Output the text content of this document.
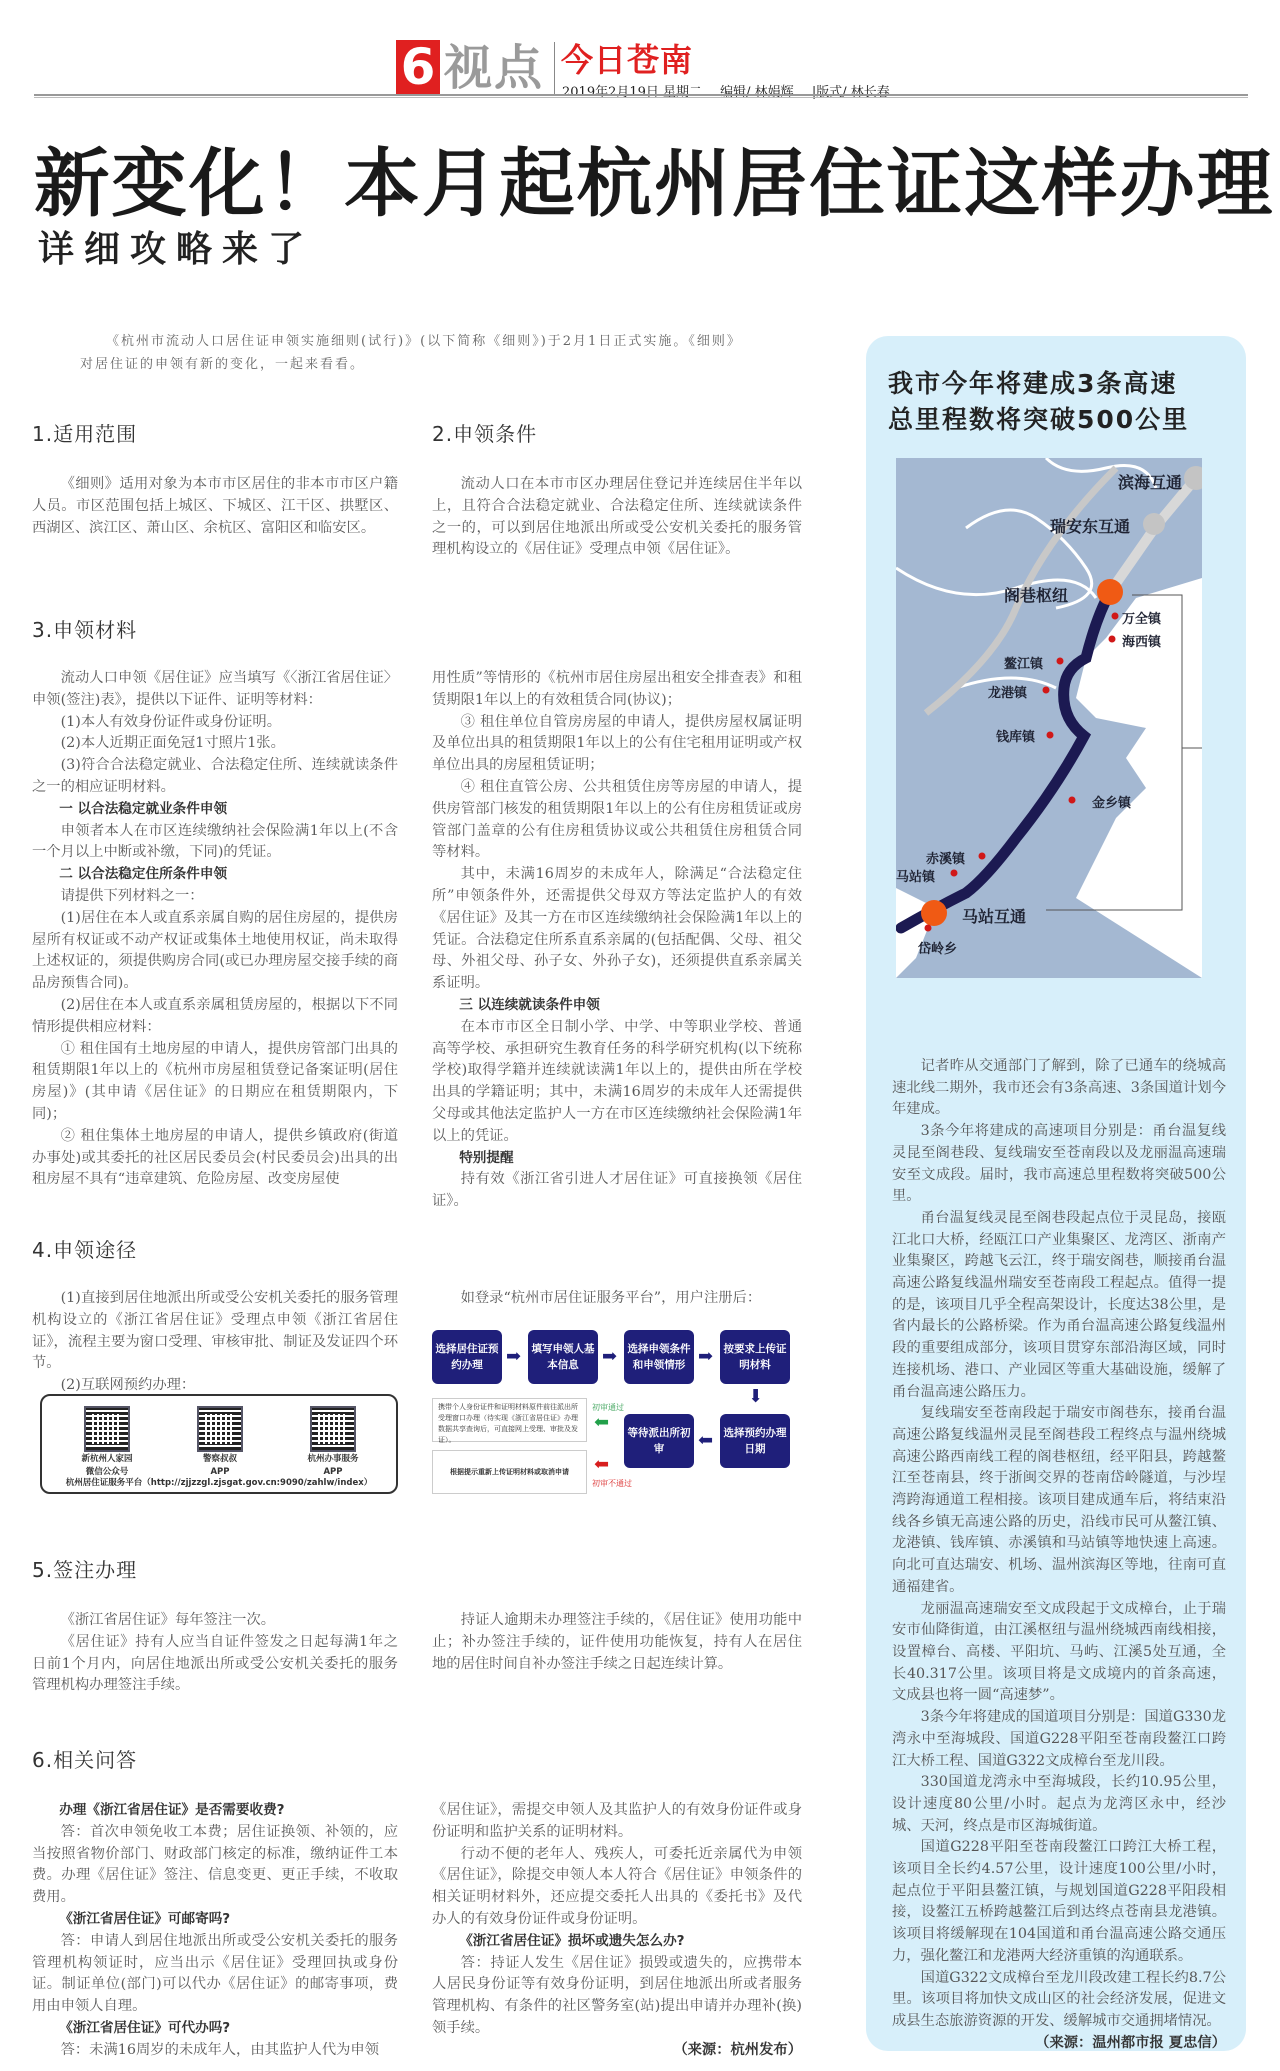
6 视点 今日苍南
2019年2月19日 星期二 编辑/ 林娟辉 |版式/ 林长春
新变化！本月起杭州居住证这样办理
详细攻略来了

《杭州市流动人口居住证申领实施细则(试行)》(以下简称《细则》)于2月1日正式实施。《细则》对居住证的申领有新的变化，一起来看看。

1.适用范围

《细则》适用对象为本市市区居住的非本市市区户籍人员。市区范围包括上城区、下城区、江干区、拱墅区、西湖区、滨江区、萧山区、余杭区、富阳区和临安区。

2.申领条件

流动人口在本市市区办理居住登记并连续居住半年以上，且符合合法稳定就业、合法稳定住所、连续就读条件之一的，可以到居住地派出所或受公安机关委托的服务管理机构设立的《居住证》受理点申领《居住证》。

3.申领材料

流动人口申领《居住证》应当填写《〈浙江省居住证〉申领(签注)表》，提供以下证件、证明等材料：

(1)本人有效身份证件或身份证明。

(2)本人近期正面免冠1寸照片1张。

(3)符合合法稳定就业、合法稳定住所、连续就读条件之一的相应证明材料。

一 以合法稳定就业条件申领

申领者本人在市区连续缴纳社会保险满1年以上(不含一个月以上中断或补缴，下同)的凭证。

二 以合法稳定住所条件申领

请提供下列材料之一：

(1)居住在本人或直系亲属自购的居住房屋的，提供房屋所有权证或不动产权证或集体土地使用权证，尚未取得上述权证的，须提供购房合同(或已办理房屋交接手续的商品房预售合同)。

(2)居住在本人或直系亲属租赁房屋的，根据以下不同情形提供相应材料：

① 租住国有土地房屋的申请人，提供房管部门出具的租赁期限1年以上的《杭州市房屋租赁登记备案证明(居住房屋)》(其申请《居住证》的日期应在租赁期限内，下同)；

② 租住集体土地房屋的申请人，提供乡镇政府(街道办事处)或其委托的社区居民委员会(村民委员会)出具的出租房屋不具有“违章建筑、危险房屋、改变房屋使

用性质”等情形的《杭州市居住房屋出租安全排查表》和租赁期限1年以上的有效租赁合同(协议)；

③ 租住单位自管房房屋的申请人，提供房屋权属证明及单位出具的租赁期限1年以上的公有住宅租用证明或产权单位出具的房屋租赁证明；

④ 租住直管公房、公共租赁住房等房屋的申请人，提供房管部门核发的租赁期限1年以上的公有住房租赁证或房管部门盖章的公有住房租赁协议或公共租赁住房租赁合同等材料。

其中，未满16周岁的未成年人，除满足“合法稳定住所”申领条件外，还需提供父母双方等法定监护人的有效《居住证》及其一方在市区连续缴纳社会保险满1年以上的凭证。合法稳定住所系直系亲属的(包括配偶、父母、祖父母、外祖父母、孙子女、外孙子女)，还须提供直系亲属关系证明。

三 以连续就读条件申领

在本市市区全日制小学、中学、中等职业学校、普通高等学校、承担研究生教育任务的科学研究机构(以下统称学校)取得学籍并连续就读满1年以上的，提供由所在学校出具的学籍证明；其中，未满16周岁的未成年人还需提供父母或其他法定监护人一方在市区连续缴纳社会保险满1年以上的凭证。

特别提醒

持有效《浙江省引进人才居住证》可直接换领《居住证》。

4.申领途径

(1)直接到居住地派出所或受公安机关委托的服务管理机构设立的《浙江省居住证》受理点申领《浙江省居住证》，流程主要为窗口受理、审核审批、制证及发证四个环节。

(2)互联网预约办理：

新杭州人家园
微信公众号
警察叔叔
APP
杭州办事服务
APP
杭州居住证服务平台（http://zjjzzgl.zjsgat.gov.cn:9090/zahlw/index）

如登录“杭州市居住证服务平台”，用户注册后：

选择居住证预约办理	➡ 填写申领人基本信息	➡ 选择申领条件和申领情形 ➡ 按要求上传证明材料
⬇
选择预约办理日期
⬅
等待派出所初审
携带个人身份证件和证明材料原件前往派出所受理窗口办理（待实现《浙江省居住证》办理数据共享查询后，可直接网上受理、审批及发证）。
初审通过
⬅
根据提示重新上传证明材料或取消申请	⬅
初审不通过
5.签注办理

《浙江省居住证》每年签注一次。

《居住证》持有人应当自证件签发之日起每满1年之日前1个月内，向居住地派出所或受公安机关委托的服务管理机构办理签注手续。

持证人逾期未办理签注手续的，《居住证》使用功能中止；补办签注手续的，证件使用功能恢复，持有人在居住地的居住时间自补办签注手续之日起连续计算。

6.相关问答

办理《浙江省居住证》是否需要收费?

答：首次申领免收工本费；居住证换领、补领的，应当按照省物价部门、财政部门核定的标准，缴纳证件工本费。办理《居住证》签注、信息变更、更正手续，不收取费用。

《浙江省居住证》可邮寄吗?

答：申请人到居住地派出所或受公安机关委托的服务管理机构领证时，应当出示《居住证》受理回执或身份证。制证单位(部门)可以代办《居住证》的邮寄事项，费用由申领人自理。

《浙江省居住证》可代办吗?

答：未满16周岁的未成年人，由其监护人代为申领

《居住证》，需提交申领人及其监护人的有效身份证件或身份证明和监护关系的证明材料。

行动不便的老年人、残疾人，可委托近亲属代为申领《居住证》，除提交申领人本人符合《居住证》申领条件的相关证明材料外，还应提交委托人出具的《委托书》及代办人的有效身份证件或身份证明。

《浙江省居住证》损坏或遗失怎么办?

答：持证人发生《居住证》损毁或遗失的，应携带本人居民身份证等有效身份证明，到居住地派出所或者服务管理机构、有条件的社区警务室(站)提出申请并办理补(换)领手续。

（来源：杭州发布）

我市今年将建成3条高速
总里程数将突破500公里
滨海互通
瑞安东互通
阁巷枢纽
万全镇
海西镇
鳌江镇
龙港镇
钱库镇
金乡镇
赤溪镇
马站镇
马站互通
岱岭乡

记者昨从交通部门了解到，除了已通车的绕城高速北线二期外，我市还会有3条高速、3条国道计划今年建成。

3条今年将建成的高速项目分别是：甬台温复线灵昆至阁巷段、复线瑞安至苍南段以及龙丽温高速瑞安至文成段。届时，我市高速总里程数将突破500公里。

甬台温复线灵昆至阁巷段起点位于灵昆岛，接瓯江北口大桥，经瓯江口产业集聚区、龙湾区、浙南产业集聚区，跨越飞云江，终于瑞安阁巷，顺接甬台温高速公路复线温州瑞安至苍南段工程起点。值得一提的是，该项目几乎全程高架设计，长度达38公里，是省内最长的公路桥梁。作为甬台温高速公路复线温州段的重要组成部分，该项目贯穿东部沿海区域，同时连接机场、港口、产业园区等重大基础设施，缓解了甬台温高速公路压力。

复线瑞安至苍南段起于瑞安市阁巷东，接甬台温高速公路复线温州灵昆至阁巷段工程终点与温州绕城高速公路西南线工程的阁巷枢纽，经平阳县，跨越鳌江至苍南县，终于浙闽交界的苍南岱岭隧道，与沙埕湾跨海通道工程相接。该项目建成通车后，将结束沿线各乡镇无高速公路的历史，沿线市民可从鳌江镇、龙港镇、钱库镇、赤溪镇和马站镇等地快速上高速。向北可直达瑞安、机场、温州滨海区等地，往南可直通福建省。

龙丽温高速瑞安至文成段起于文成樟台，止于瑞安市仙降街道，由江溪枢纽与温州绕城西南线相接，设置樟台、高楼、平阳坑、马屿、江溪5处互通，全长40.317公里。该项目将是文成境内的首条高速，文成县也将一圆“高速梦”。

3条今年将建成的国道项目分别是：国道G330龙湾永中至海城段、国道G228平阳至苍南段鳌江口跨江大桥工程、国道G322文成樟台至龙川段。

330国道龙湾永中至海城段，长约10.95公里，设计速度80公里/小时。起点为龙湾区永中，经沙城、天河，终点是市区海城街道。

国道G228平阳至苍南段鳌江口跨江大桥工程，该项目全长约4.57公里，设计速度100公里/小时，起点位于平阳县鳌江镇，与规划国道G228平阳段相接，设鳌江五桥跨越鳌江后到达终点苍南县龙港镇。该项目将缓解现在104国道和甬台温高速公路交通压力，强化鳌江和龙港两大经济重镇的沟通联系。

国道G322文成樟台至龙川段改建工程长约8.7公里。该项目将加快文成山区的社会经济发展，促进文成县生态旅游资源的开发、缓解城市交通拥堵情况。

（来源：温州都市报 夏忠信）
